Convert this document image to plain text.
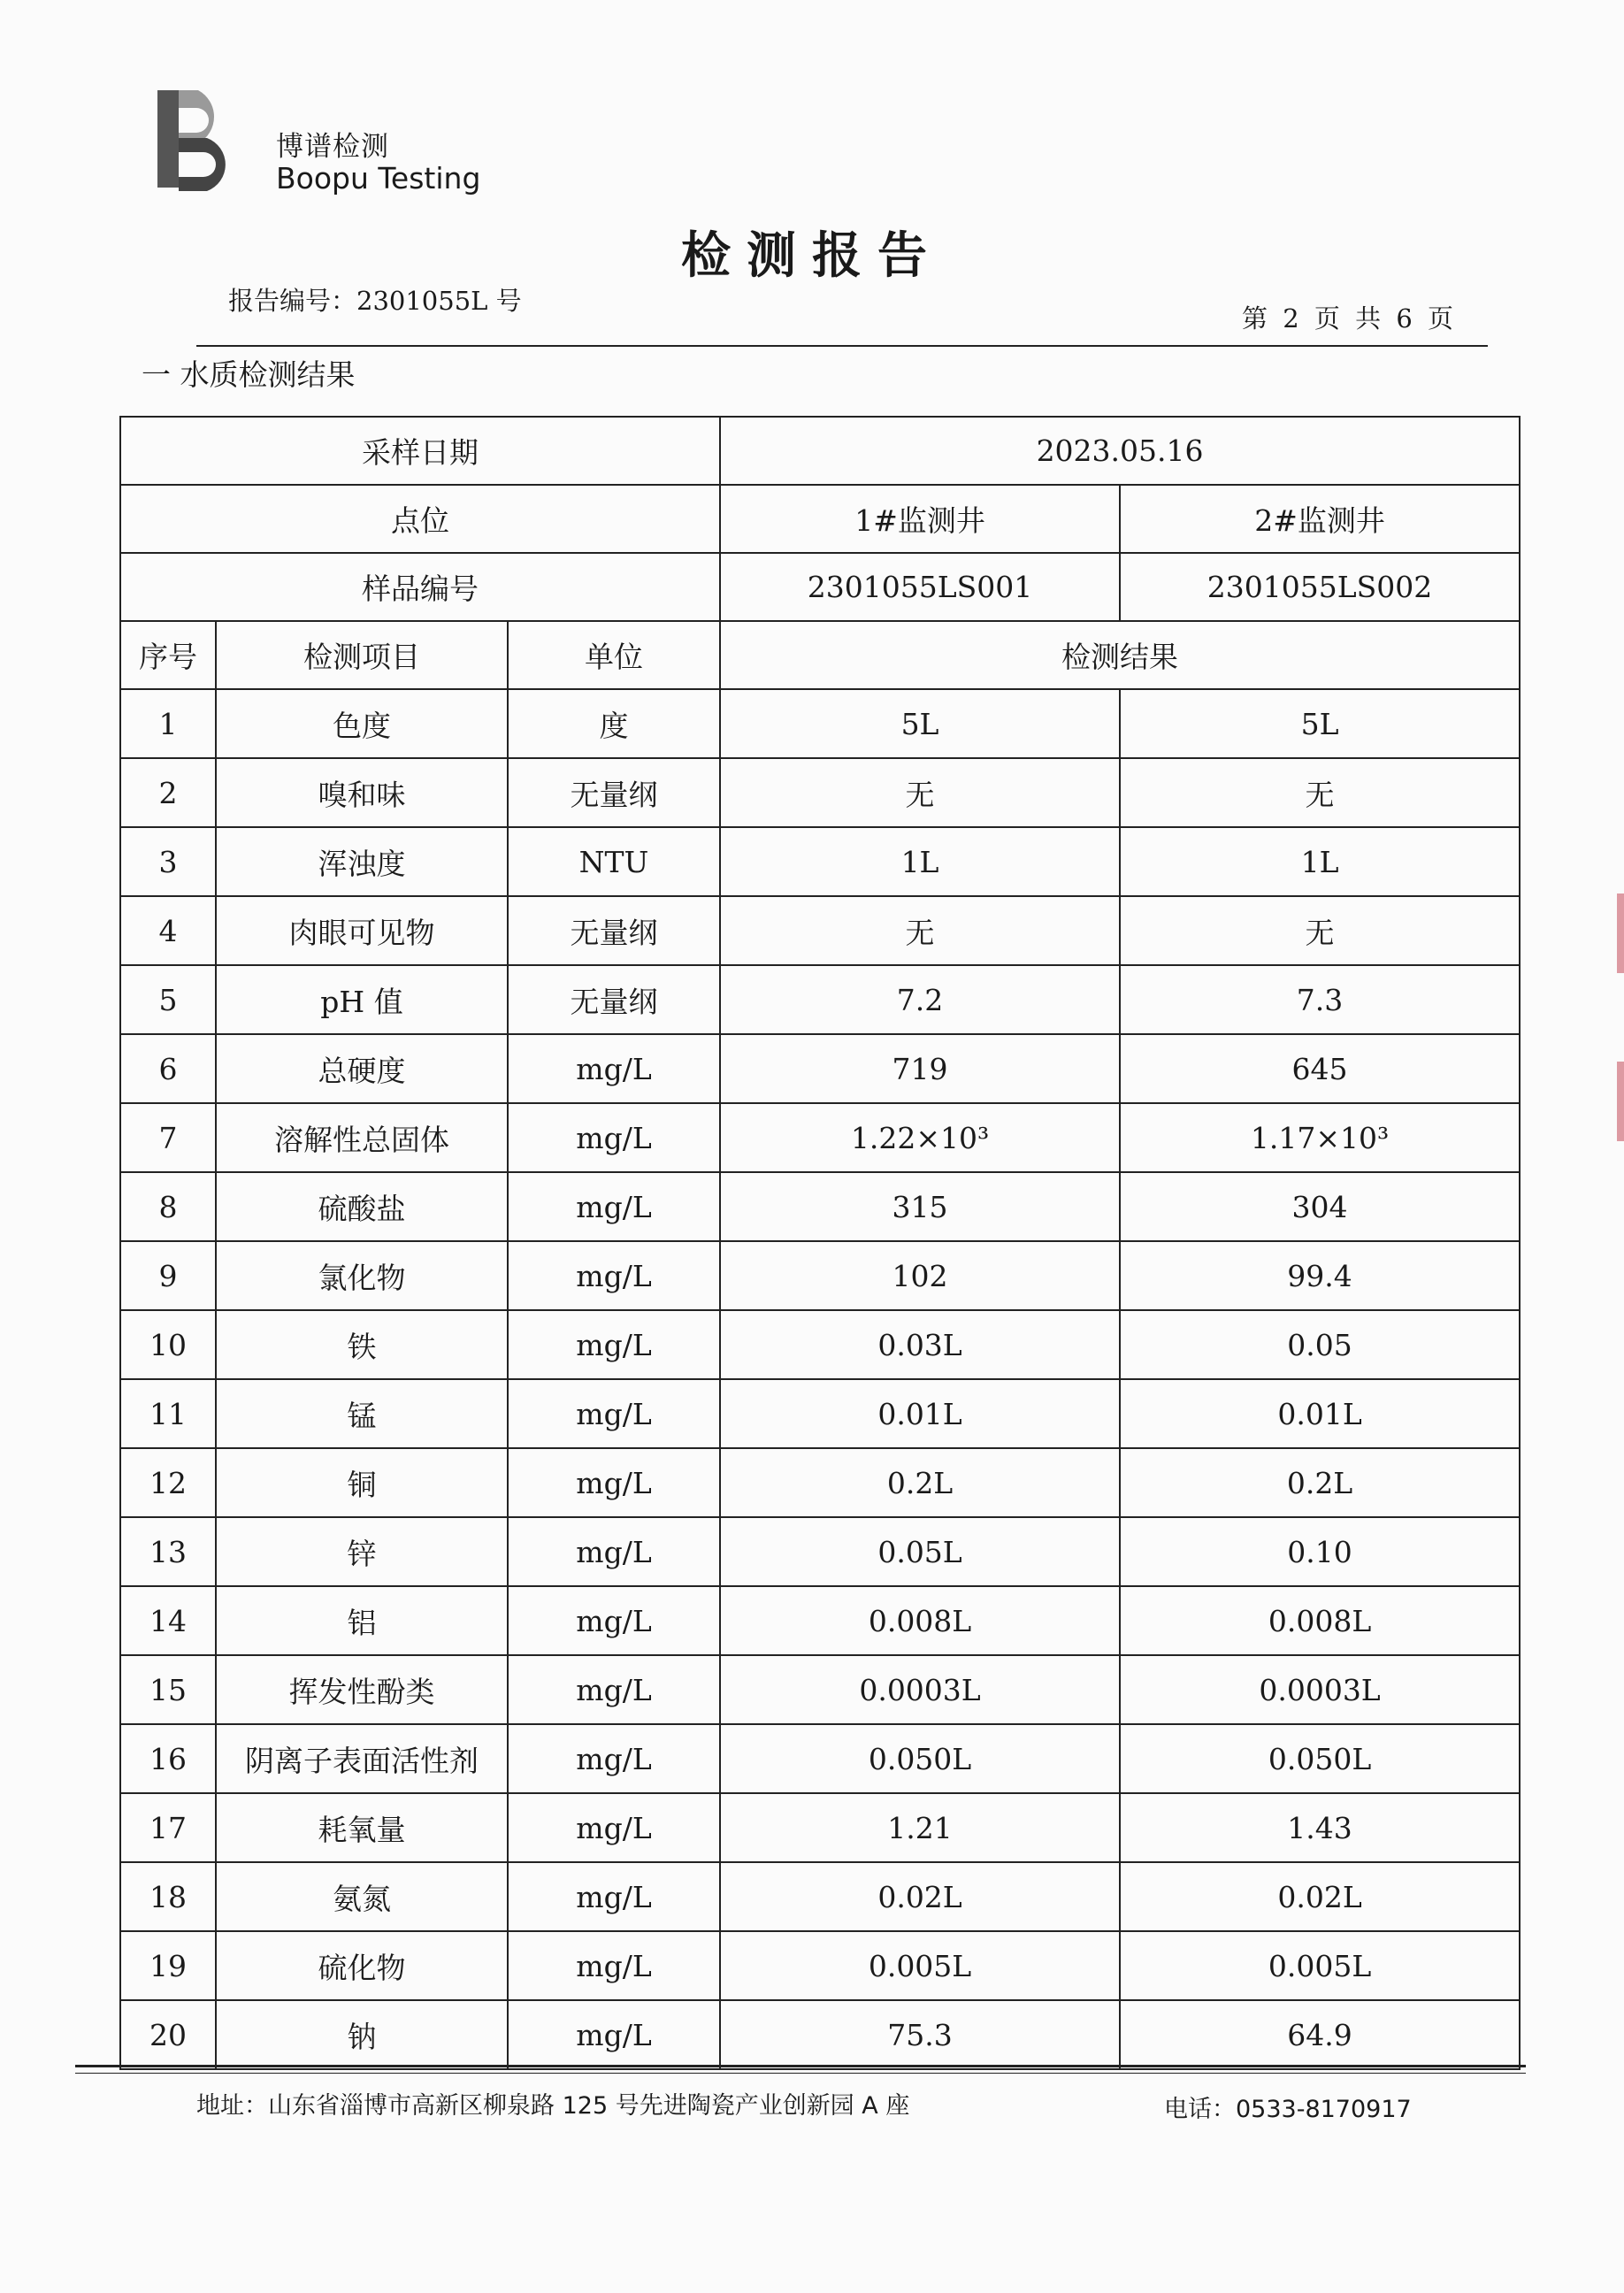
博谱检测
Boopu Testing
检测报告
报告编号：2301055L 号
第 2 页 共 6 页
一 水质检测结果
采样日期			2023.05.16	
点位			1#监测井	2#监测井
样品编号			2301055LS001	2301055LS002
序号	检测项目	单位	检测结果	
1	色度	度	5L	5L
2	嗅和味	无量纲	无	无
3	浑浊度	NTU	1L	1L
4	肉眼可见物	无量纲	无	无
5	pH 值	无量纲	7.2	7.3
6	总硬度	mg/L	719	645
7	溶解性总固体	mg/L	1.22×10³	1.17×10³
8	硫酸盐	mg/L	315	304
9	氯化物	mg/L	102	99.4
10	铁	mg/L	0.03L	0.05
11	锰	mg/L	0.01L	0.01L
12	铜	mg/L	0.2L	0.2L
13	锌	mg/L	0.05L	0.10
14	铝	mg/L	0.008L	0.008L
15	挥发性酚类	mg/L	0.0003L	0.0003L
16	阴离子表面活性剂	mg/L	0.050L	0.050L
17	耗氧量	mg/L	1.21	1.43
18	氨氮	mg/L	0.02L	0.02L
19	硫化物	mg/L	0.005L	0.005L
20	钠	mg/L	75.3	64.9
地址：山东省淄博市高新区柳泉路 125 号先进陶瓷产业创新园 A 座	电话：0533-8170917
